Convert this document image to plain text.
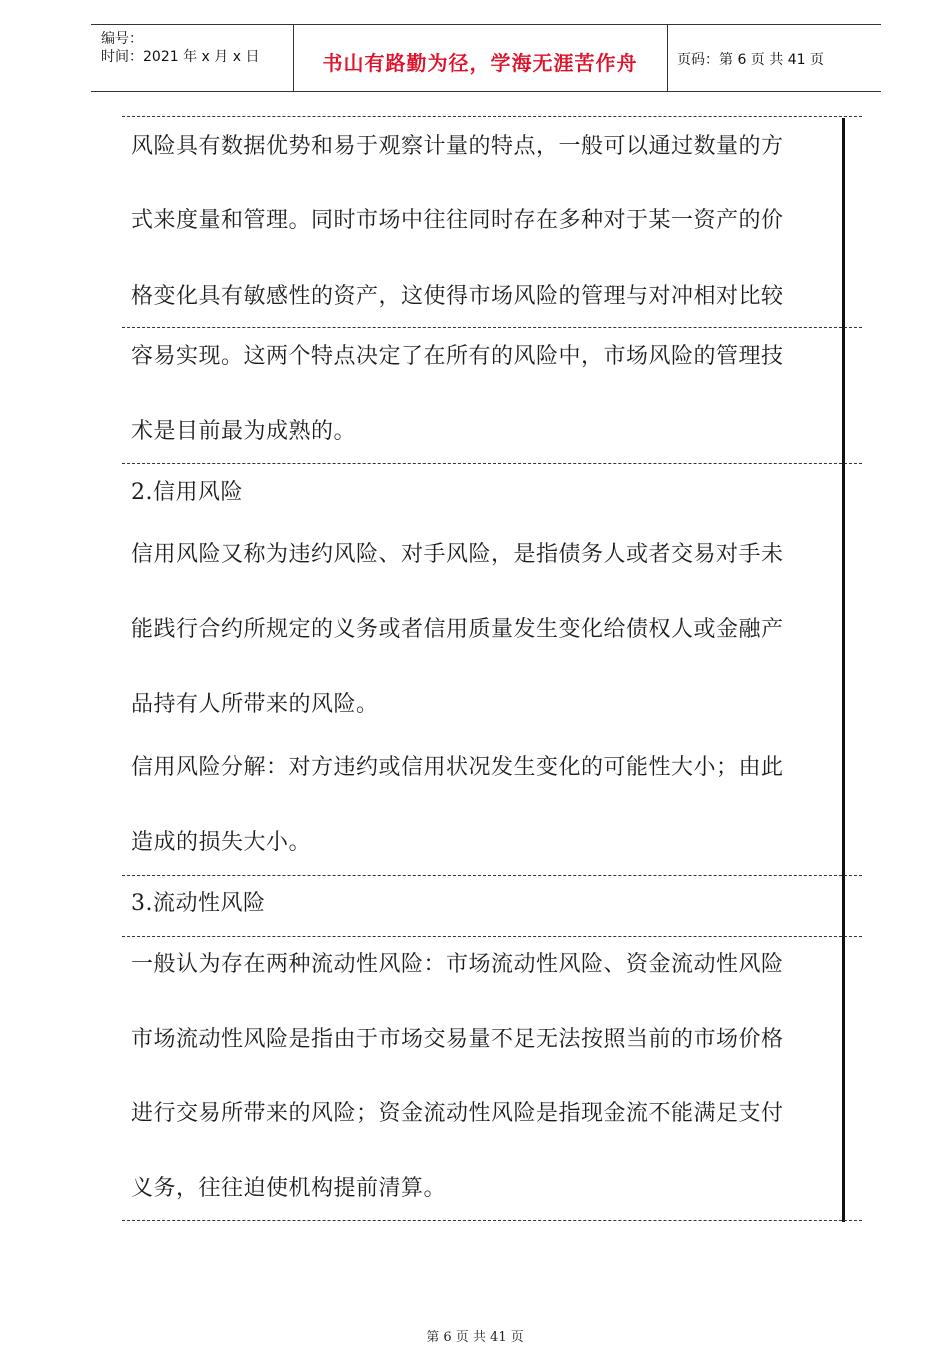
编号：
时间：2021 年 x 月 x 日	书山有路勤为径，学海无涯苦作舟	页码：第 6 页 共 41 页
风险具有数据优势和易于观察计量的特点，一般可以通过数量的方
式来度量和管理。同时市场中往往同时存在多种对于某一资产的价
格变化具有敏感性的资产，这使得市场风险的管理与对冲相对比较
容易实现。这两个特点决定了在所有的风险中，市场风险的管理技
术是目前最为成熟的。
2.信用风险
信用风险又称为违约风险、对手风险，是指债务人或者交易对手未
能践行合约所规定的义务或者信用质量发生变化给债权人或金融产
品持有人所带来的风险。
信用风险分解：对方违约或信用状况发生变化的可能性大小；由此
造成的损失大小。
3.流动性风险
一般认为存在两种流动性风险：市场流动性风险、资金流动性风险
市场流动性风险是指由于市场交易量不足无法按照当前的市场价格
进行交易所带来的风险；资金流动性风险是指现金流不能满足支付
义务，往往迫使机构提前清算。
第 6 页 共 41 页
